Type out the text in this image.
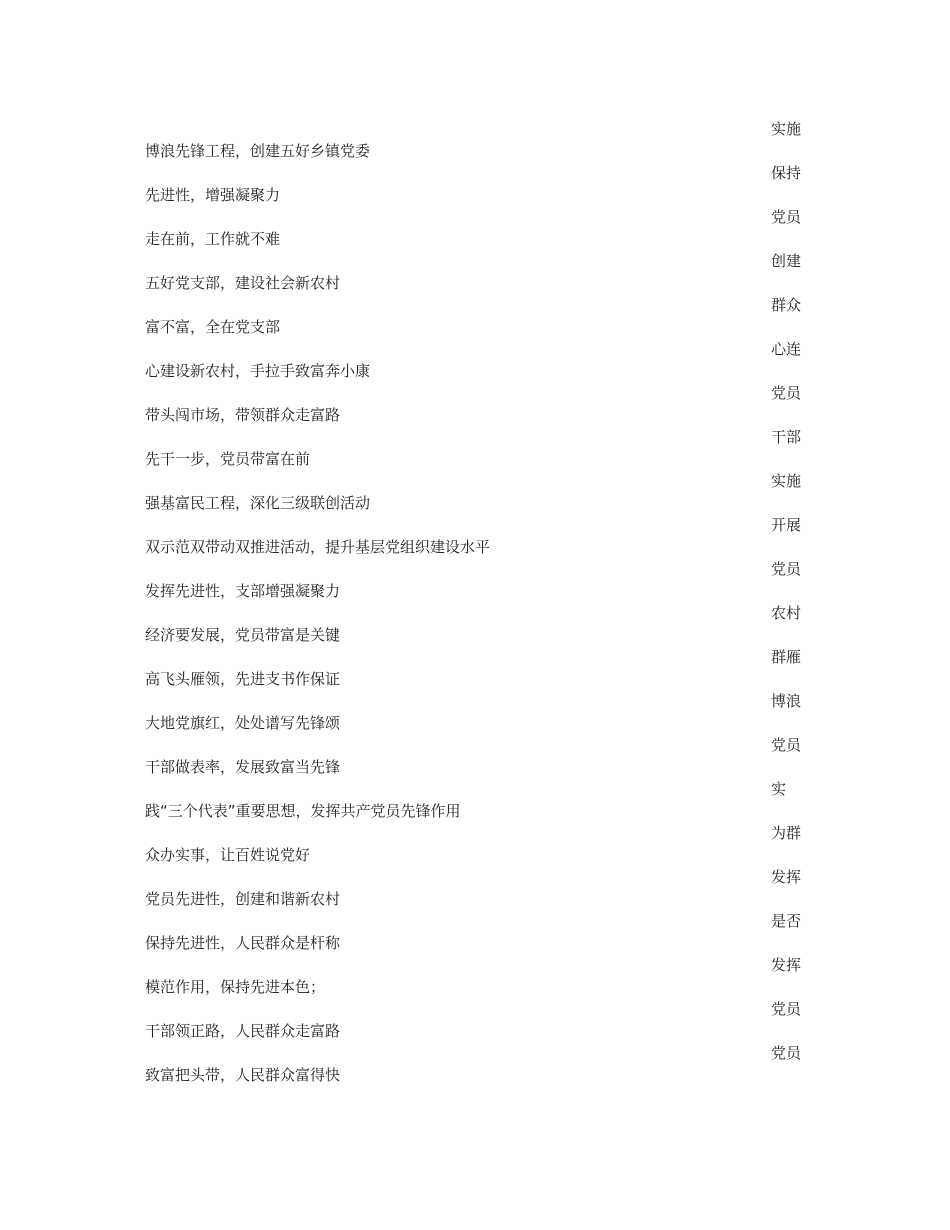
博浪先锋工程，创建五好乡镇党委
先进性，增强凝聚力
走在前，工作就不难
五好党支部，建设社会新农村
富不富，全在党支部
心建设新农村，手拉手致富奔小康
带头闯市场，带领群众走富路
先干一步，党员带富在前
强基富民工程，深化三级联创活动
双示范双带动双推进活动，提升基层党组织建设水平
发挥先进性，支部增强凝聚力
经济要发展，党员带富是关键
高飞头雁领，先进支书作保证
大地党旗红，处处谱写先锋颂
干部做表率，发展致富当先锋
践“三个代表”重要思想，发挥共产党员先锋作用
众办实事，让百姓说党好
党员先进性，创建和谐新农村
保持先进性，人民群众是杆称
模范作用，保持先进本色；
干部领正路，人民群众走富路
致富把头带，人民群众富得快
实施
保持
党员
创建
群众
心连
党员
干部
实施
开展
党员
农村
群雁
博浪
党员
实
为群
发挥
是否
发挥
党员
党员
